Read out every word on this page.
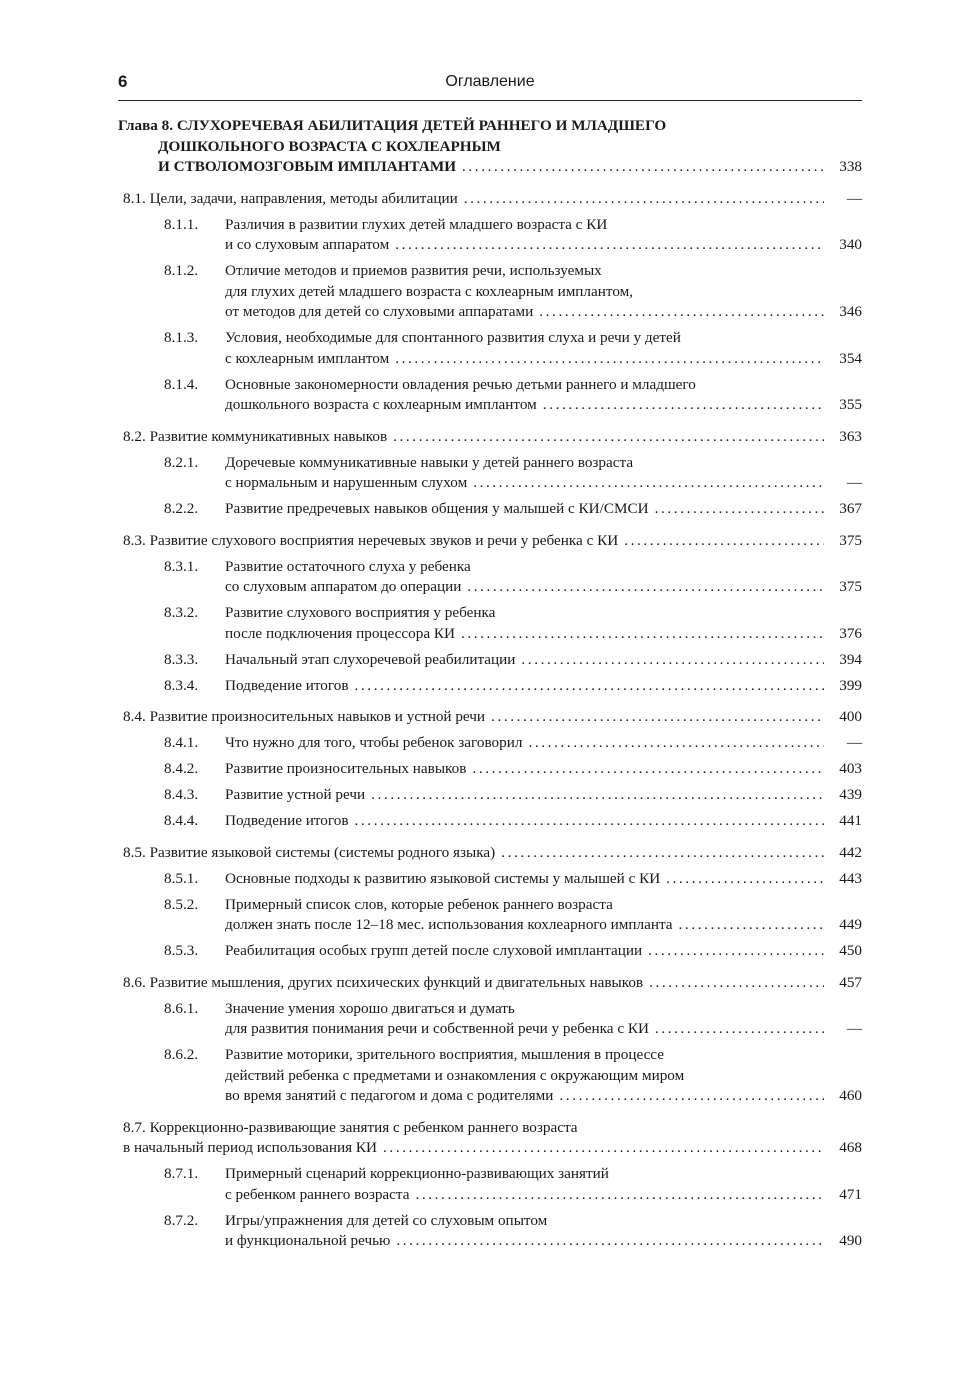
6	Оглавление
Глава 8. СЛУХОРЕЧЕВАЯ АБИЛИТАЦИЯ ДЕТЕЙ РАННЕГО И МЛАДШЕГО
ДОШКОЛЬНОГО ВОЗРАСТА С КОХЛЕАРНЫМ
И СТВОЛОМОЗГОВЫМ ИМПЛАНТАМИ . . .	338
8.1. Цели, задачи, направления, методы абилитации . . .	—
8.1.1. Различия в развитии глухих детей младшего возраста с КИ
и со слуховым аппаратом . . .	340
8.1.2. Отличие методов и приемов развития речи, используемых
для глухих детей младшего возраста с кохлеарным имплантом,
от методов для детей со слуховыми аппаратами . . .	346
8.1.3. Условия, необходимые для спонтанного развития слуха и речи у детей
с кохлеарным имплантом . . .	354
8.1.4. Основные закономерности овладения речью детьми раннего и младшего
дошкольного возраста с кохлеарным имплантом . . .	355
8.2. Развитие коммуникативных навыков . . .	363
8.2.1. Доречевые коммуникативные навыки у детей раннего возраста
с нормальным и нарушенным слухом . . .	—
8.2.2. Развитие предречевых навыков общения у малышей с КИ/СМСИ . . .	367
8.3. Развитие слухового восприятия неречевых звуков и речи у ребенка с КИ . . .	375
8.3.1. Развитие остаточного слуха у ребенка
со слуховым аппаратом до операции . . .	375
8.3.2. Развитие слухового восприятия у ребенка
после подключения процессора КИ . . .	376
8.3.3. Начальный этап слухоречевой реабилитации . . .	394
8.3.4. Подведение итогов . . .	399
8.4. Развитие произносительных навыков и устной речи . . .	400
8.4.1. Что нужно для того, чтобы ребенок заговорил . . .	—
8.4.2. Развитие произносительных навыков . . .	403
8.4.3. Развитие устной речи . . .	439
8.4.4. Подведение итогов . . .	441
8.5. Развитие языковой системы (системы родного языка) . . .	442
8.5.1. Основные подходы к развитию языковой системы у малышей с КИ . . .	443
8.5.2. Примерный список слов, которые ребенок раннего возраста
должен знать после 12–18 мес. использования кохлеарного импланта . . .	449
8.5.3. Реабилитация особых групп детей после слуховой имплантации . . .	450
8.6. Развитие мышления, других психических функций и двигательных навыков . . .	457
8.6.1. Значение умения хорошо двигаться и думать
для развития понимания речи и собственной речи у ребенка с КИ . . .	—
8.6.2. Развитие моторики, зрительного восприятия, мышления в процессе
действий ребенка с предметами и ознакомления с окружающим миром
во время занятий с педагогом и дома с родителями . . .	460
8.7. Коррекционно-развивающие занятия с ребенком раннего возраста
в начальный период использования КИ . . .	468
8.7.1. Примерный сценарий коррекционно-развивающих занятий
с ребенком раннего возраста . . .	471
8.7.2. Игры/упражнения для детей со слуховым опытом
и функциональной речью . . .	490
